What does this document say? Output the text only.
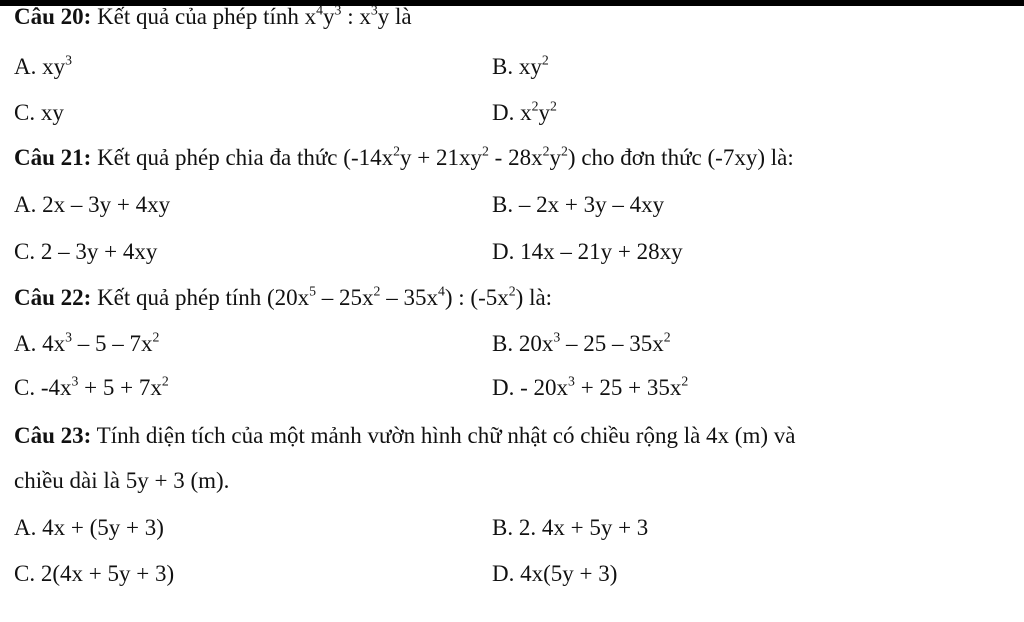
Câu 20: Kết quả của phép tính $x^4y^3$ : $x^3y$ là
A. $xy^3$	B. $xy^2$
C. xy	D. $x^2y^2$
Câu 21: Kết quả phép chia đa thức $(-14x^2y + 21xy^2 - 28x^2y^2)$ cho đơn thức (-7xy) là:
A. 2x – 3y + 4xy	B. – 2x + 3y – 4xy
C. 2 – 3y + 4xy	D. 14x – 21y + 28xy
Câu 22: Kết quả phép tính $(20x^5 - 25x^2 - 35x^4)$ : $(-5x^2)$ là:
A. $4x^3 - 5 - 7x^2$	B. $20x^3 - 25 - 35x^2$
C. $-4x^3 + 5 + 7x^2$	D. - $20x^3 + 25 + 35x^2$
Câu 23: Tính diện tích của một mảnh vườn hình chữ nhật có chiều rộng là 4x (m) và
chiều dài là 5y + 3 (m).
A. 4x + (5y + 3)	B. 2. 4x + 5y + 3
C. 2(4x + 5y + 3)	D. 4x(5y + 3)
